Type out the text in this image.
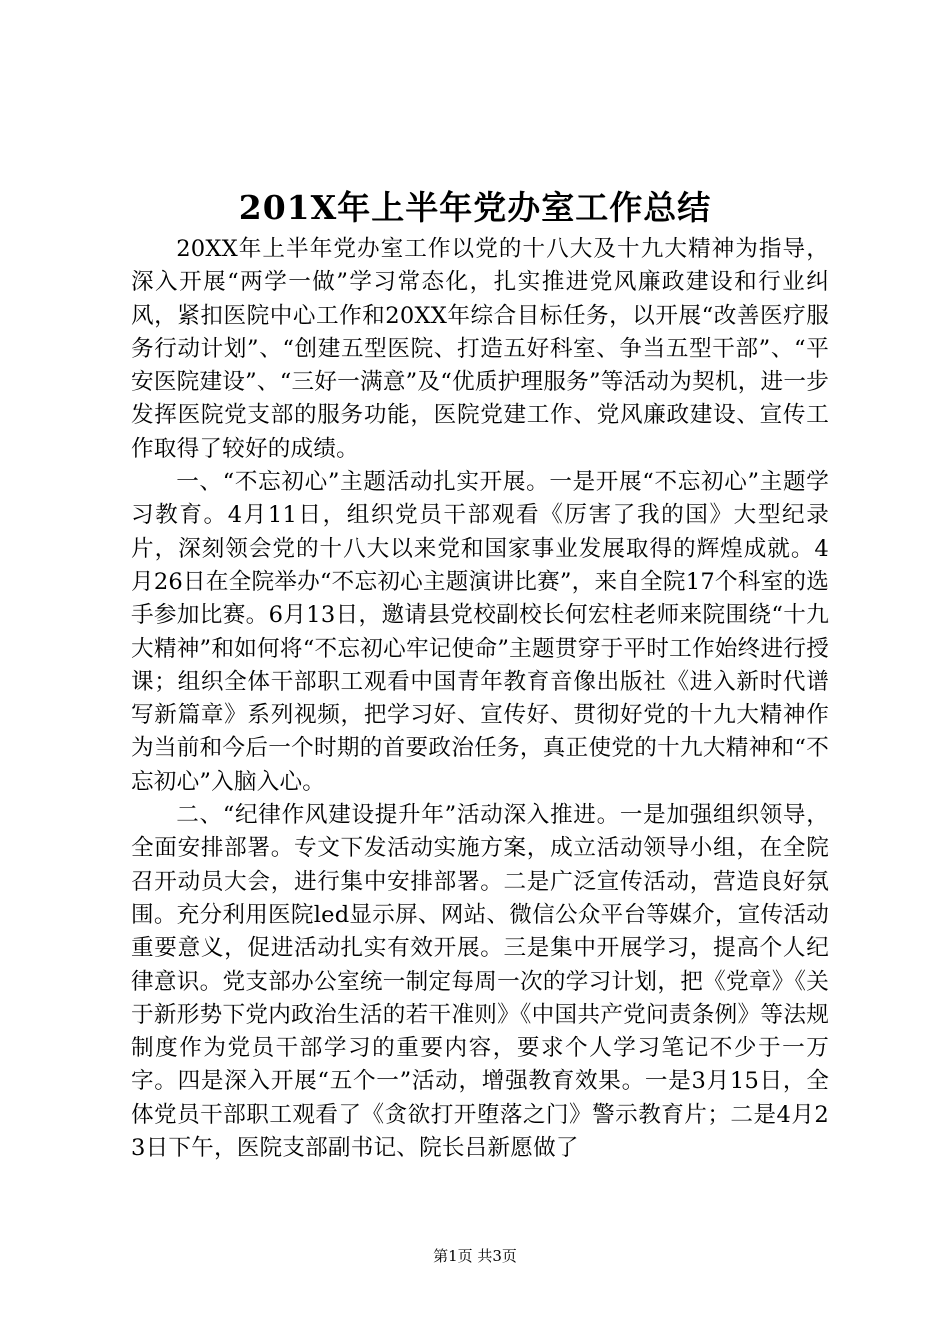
201X年上半年党办室工作总结

20XX年上半年党办室工作以党的十八大及十九大精神为指导，深入开展“两学一做”学习常态化，扎实推进党风廉政建设和行业纠风，紧扣医院中心工作和20XX年综合目标任务，以开展“改善医疗服务行动计划”、“创建五型医院、打造五好科室、争当五型干部”、“平安医院建设”、“三好一满意”及“优质护理服务”等活动为契机，进一步发挥医院党支部的服务功能，医院党建工作、党风廉政建设、宣传工作取得了较好的成绩。

一、“不忘初心”主题活动扎实开展。一是开展“不忘初心”主题学习教育。4月11日，组织党员干部观看《厉害了我的国》大型纪录片，深刻领会党的十八大以来党和国家事业发展取得的辉煌成就。4月26日在全院举办“不忘初心主题演讲比赛”，来自全院17个科室的选手参加比赛。6月13日，邀请县党校副校长何宏柱老师来院围绕“十九大精神”和如何将“不忘初心牢记使命”主题贯穿于平时工作始终进行授课；组织全体干部职工观看中国青年教育音像出版社《进入新时代谱写新篇章》系列视频，把学习好、宣传好、贯彻好党的十九大精神作为当前和今后一个时期的首要政治任务，真正使党的十九大精神和“不忘初心”入脑入心。

二、“纪律作风建设提升年”活动深入推进。一是加强组织领导，全面安排部署。专文下发活动实施方案，成立活动领导小组，在全院召开动员大会，进行集中安排部署。二是广泛宣传活动，营造良好氛围。充分利用医院led显示屏、网站、微信公众平台等媒介，宣传活动重要意义，促进活动扎实有效开展。三是集中开展学习，提高个人纪律意识。党支部办公室统一制定每周一次的学习计划，把《党章》《关于新形势下党内政治生活的若干准则》《中国共产党问责条例》等法规制度作为党员干部学习的重要内容，要求个人学习笔记不少于一万字。四是深入开展“五个一”活动，增强教育效果。一是3月15日，全体党员干部职工观看了《贪欲打开堕落之门》警示教育片；二是4月23日下午，医院支部副书记、院长吕新愿做了

第1页 共3页
